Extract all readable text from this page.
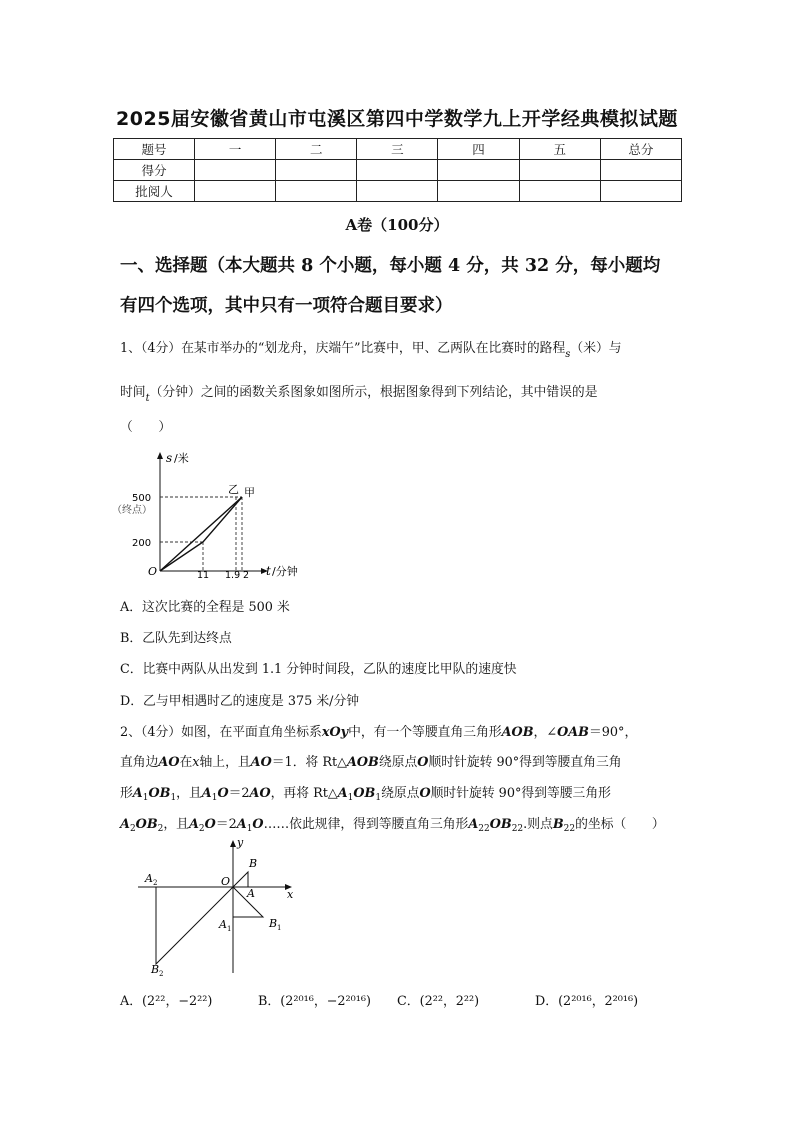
2025届安徽省黄山市屯溪区第四中学数学九上开学经典模拟试题
题号	一	二	三	四	五	总分
得分						
批阅人						
A卷（100分）
一、选择题（本大题共 8 个小题，每小题 4 分，共 32 分，每小题均
有四个选项，其中只有一项符合题目要求）
1、（4分）在某市举办的“划龙舟，庆端午”比赛中，甲、乙两队在比赛时的路程$_s$（米）与
时间$_t$（分钟）之间的函数关系图象如图所示，根据图象得到下列结论，其中错误的是
（　　）
s /米
t /分钟
O
500
（终点）
200
11 1.9 2
乙 甲
A．这次比赛的全程是 500 米
B．乙队先到达终点
C．比赛中两队从出发到 1.1 分钟时间段，乙队的速度比甲队的速度快
D．乙与甲相遇时乙的速度是 375 米/分钟
2、（4分）如图，在平面直角坐标系xOy中，有一个等腰直角三角形AOB，∠OAB＝90°，
直角边AO在x轴上，且AO＝1．将 Rt△AOB绕原点O顺时针旋转 90°得到等腰直角三角
形$A_1OB_1$，且$A_1O=2AO$，再将 $Rt\triangle A_1OB_1$绕原点O顺时针旋转 90°得到等腰三角形
$A_2OB_2$，且$A_2O=2A_1O\dots\dots$依此规律，得到等腰直角三角形$A_{22}OB_{22}$.则点$B_{22}$的坐标（　　）
y
x
O
A
B
A 1	B 1
A 2
B 2
A．(2²²，−2²²)	B．(2²⁰¹⁶，−2²⁰¹⁶) C．(2²²，2²²)	D．(2²⁰¹⁶，2²⁰¹⁶)
